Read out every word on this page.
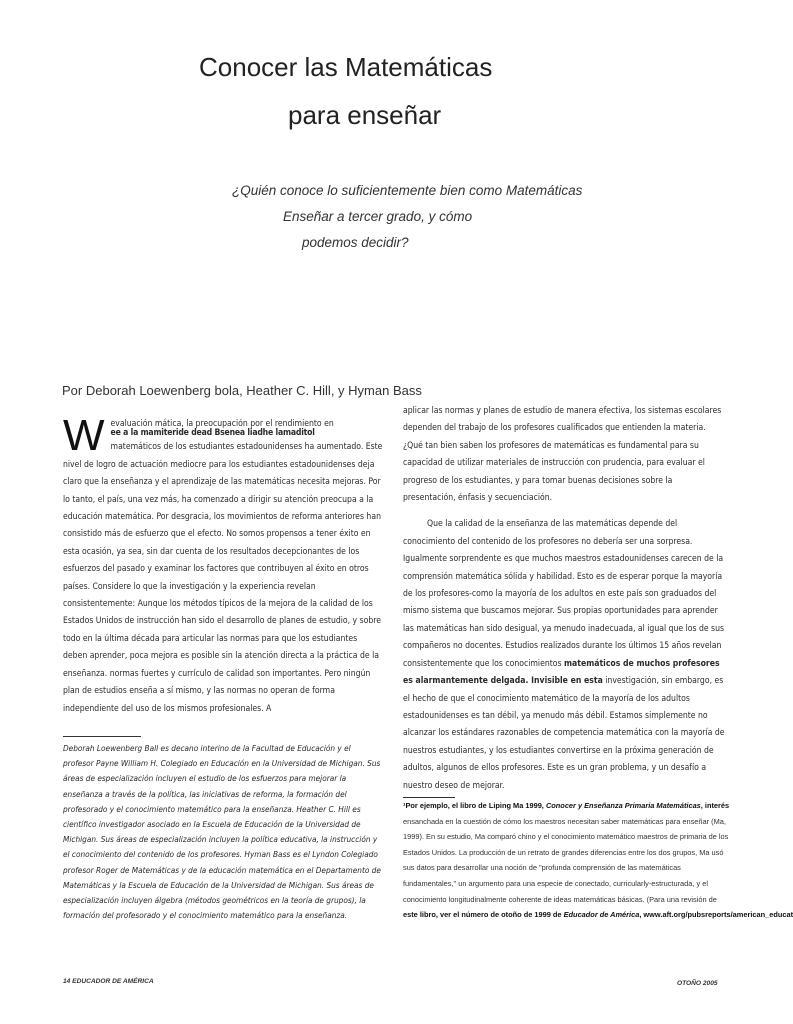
Conocer las Matemáticas
para enseñar
¿Quién conoce lo suficientemente bien como Matemáticas
Enseñar a tercer grado, y cómo
podemos decidir?
Por Deborah Loewenberg bola, Heather C. Hill, y Hyman Bass
W evaluación mática, la preocupación por el rendimiento en

ee a la mamiteride dead Bsenea liadhe lamaditol

matemáticos de los estudiantes estadounidenses ha aumentado. Este nivel de logro de actuación mediocre para los estudiantes estadounidenses deja claro que la enseñanza y el aprendizaje de las matemáticas necesita mejoras. Por lo tanto, el país, una vez más, ha comenzado a dirigir su atención preocupa a la educación matemática. Por desgracia, los movimientos de reforma anteriores han consistido más de esfuerzo que el efecto. No somos propensos a tener éxito en esta ocasión, ya sea, sin dar cuenta de los resultados decepcionantes de los esfuerzos del pasado y examinar los factores que contribuyen al éxito en otros países. Considere lo que la investigación y la experiencia revelan consistentemente: Aunque los métodos típicos de la mejora de la calidad de los Estados Unidos de instrucción han sido el desarrollo de planes de estudio, y sobre todo en la última década para articular las normas para que los estudiantes deben aprender, poca mejora es posible sin la atención directa a la práctica de la enseñanza. normas fuertes y currículo de calidad son importantes. Pero ningún plan de estudios enseña a sí mismo, y las normas no operan de forma independiente del uso de los mismos profesionales. A

Deborah Loewenberg Ball es decano interino de la Facultad de Educación y el profesor Payne William H. Colegiado en Educación en la Universidad de Michigan. Sus áreas de especialización incluyen el estudio de los esfuerzos para mejorar la enseñanza a través de la política, las iniciativas de reforma, la formación del profesorado y el conocimiento matemático para la enseñanza. Heather C. Hill es científico investigador asociado en la Escuela de Educación de la Universidad de Michigan. Sus áreas de especialización incluyen la política educativa, la instrucción y el conocimiento del contenido de los profesores. Hyman Bass es el Lyndon Colegiado profesor Roger de Matemáticas y de la educación matemática en el Departamento de Matemáticas y la Escuela de Educación de la Universidad de Michigan. Sus áreas de especialización incluyen álgebra (métodos geométricos en la teoría de grupos), la formación del profesorado y el conocimiento matemático para la enseñanza.

aplicar las normas y planes de estudio de manera efectiva, los sistemas escolares dependen del trabajo de los profesores cualificados que entienden la materia. ¿Qué tan bien saben los profesores de matemáticas es fundamental para su capacidad de utilizar materiales de instrucción con prudencia, para evaluar el progreso de los estudiantes, y para tomar buenas decisiones sobre la presentación, énfasis y secuenciación.

Que la calidad de la enseñanza de las matemáticas depende del conocimiento del contenido de los profesores no debería ser una sorpresa. Igualmente sorprendente es que muchos maestros estadounidenses carecen de la comprensión matemática sólida y habilidad. Esto es de esperar porque la mayoría de los profesores-como la mayoría de los adultos en este país son graduados del mismo sistema que buscamos mejorar. Sus propias oportunidades para aprender las matemáticas han sido desigual, ya menudo inadecuada, al igual que los de sus compañeros no docentes. Estudios realizados durante los últimos 15 años revelan consistentemente que los conocimientos matemáticos de muchos profesores es alarmantemente delgada. Invisible en esta investigación, sin embargo, es el hecho de que el conocimiento matemático de la mayoría de los adultos estadounidenses es tan débil, ya menudo más débil. Estamos simplemente no alcanzar los estándares razonables de competencia matemática con la mayoría de nuestros estudiantes, y los estudiantes convertirse en la próxima generación de adultos, algunos de ellos profesores. Este es un gran problema, y un desafío a nuestro deseo de mejorar.

¹Por ejemplo, el libro de Liping Ma 1999, Conocer y Enseñanza Primaria Matemáticas, interés
ensanchada en la cuestión de cómo los maestros necesitan saber matemáticas para enseñar (Ma,
1999). En su estudio, Ma comparó chino y el conocimiento matemático maestros de primaria de los
Estados Unidos. La producción de un retrato de grandes diferencias entre los dos grupos, Ma usó
sus datos para desarrollar una noción de "profunda comprensión de las matemáticas
fundamentales," un argumento para una especie de conectado, curricularly-estructurada, y el
conocimiento longitudinalmente coherente de ideas matemáticas básicas. (Para una revisión de
este libro, ver el número de otoño de 1999 de Educador de América, www.aft.org/pubsreports/american_educat
14 EDUCADOR DE AMÉRICA	OTOÑO 2005
